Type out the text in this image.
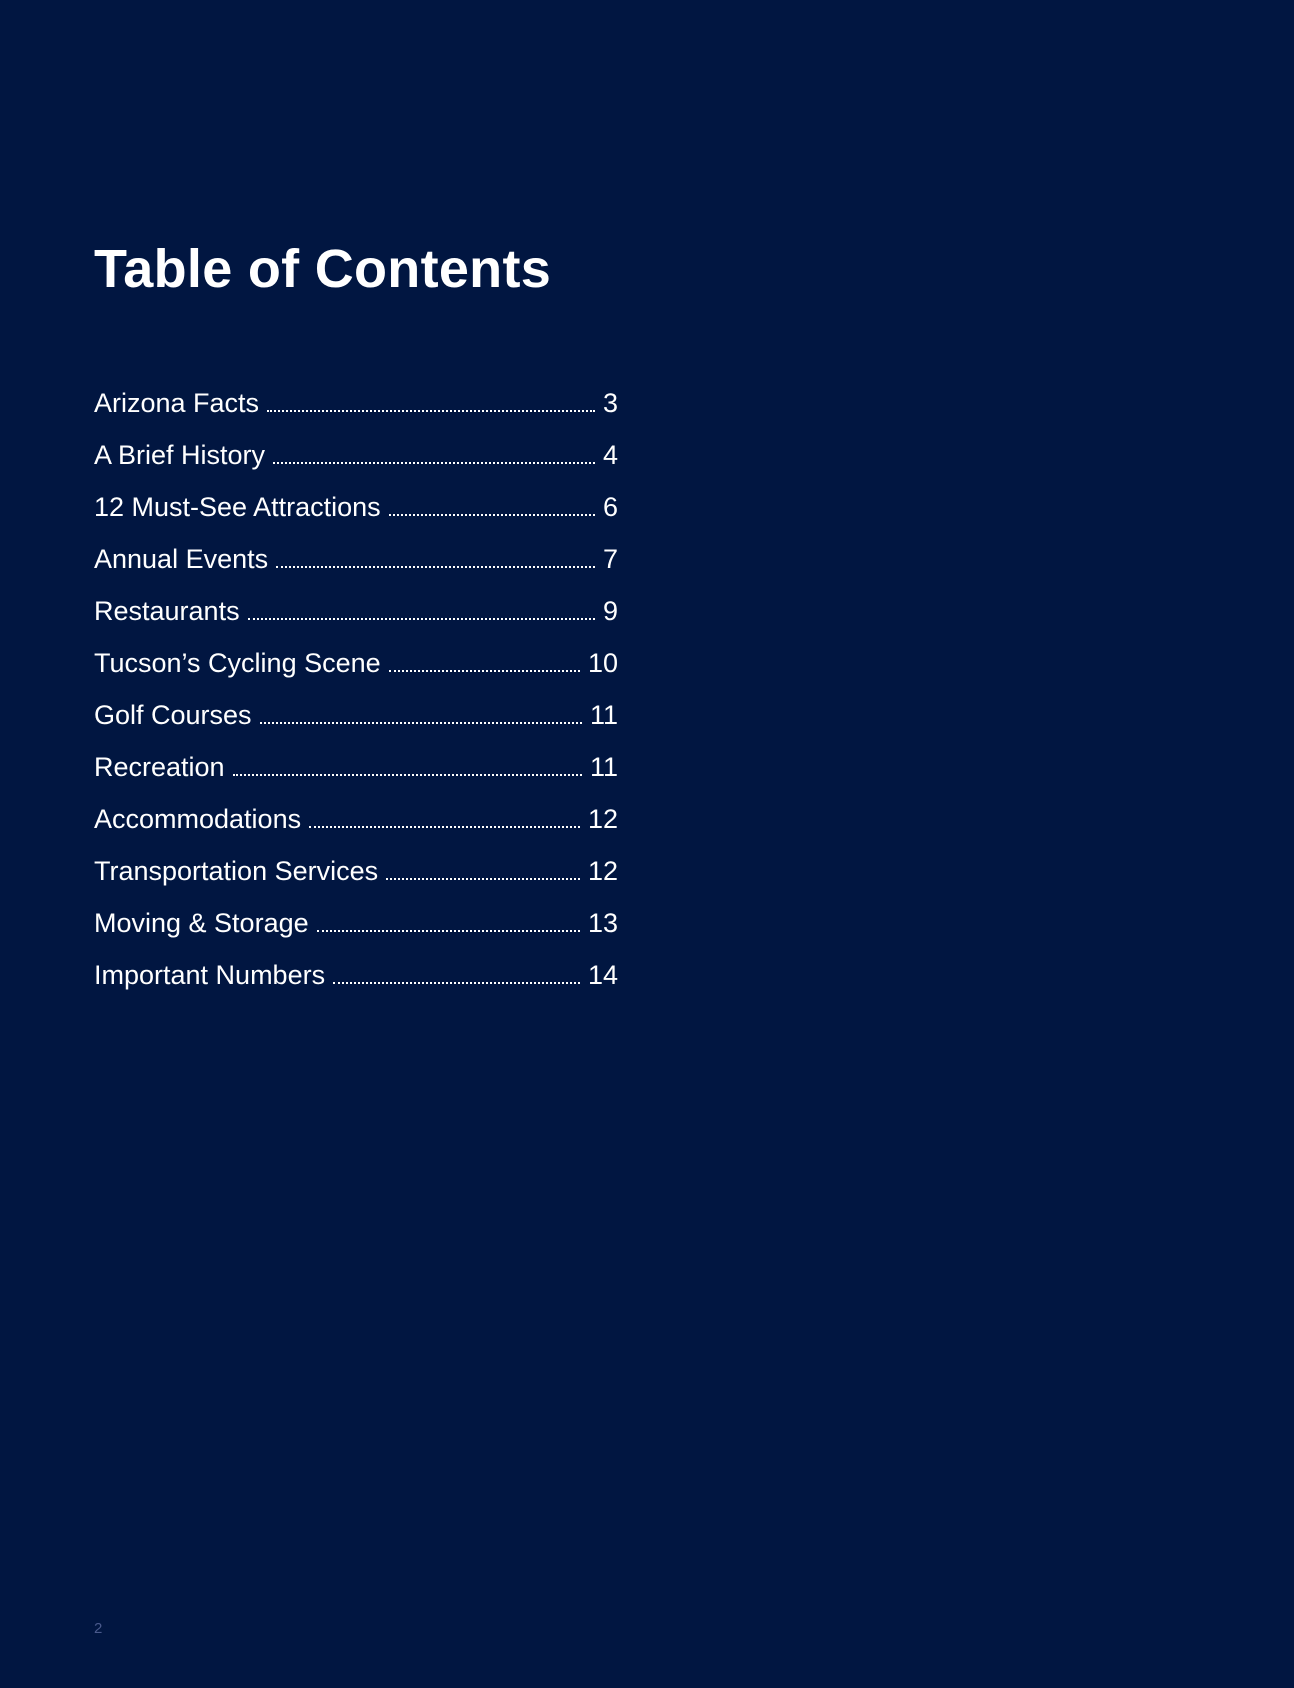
Table of Contents
Arizona Facts	3
A Brief History	4
12 Must-See Attractions	6
Annual Events	7
Restaurants	9
Tucson’s Cycling Scene	10
Golf Courses	11
Recreation	11
Accommodations	12
Transportation Services	12
Moving & Storage	13
Important Numbers	14
2
